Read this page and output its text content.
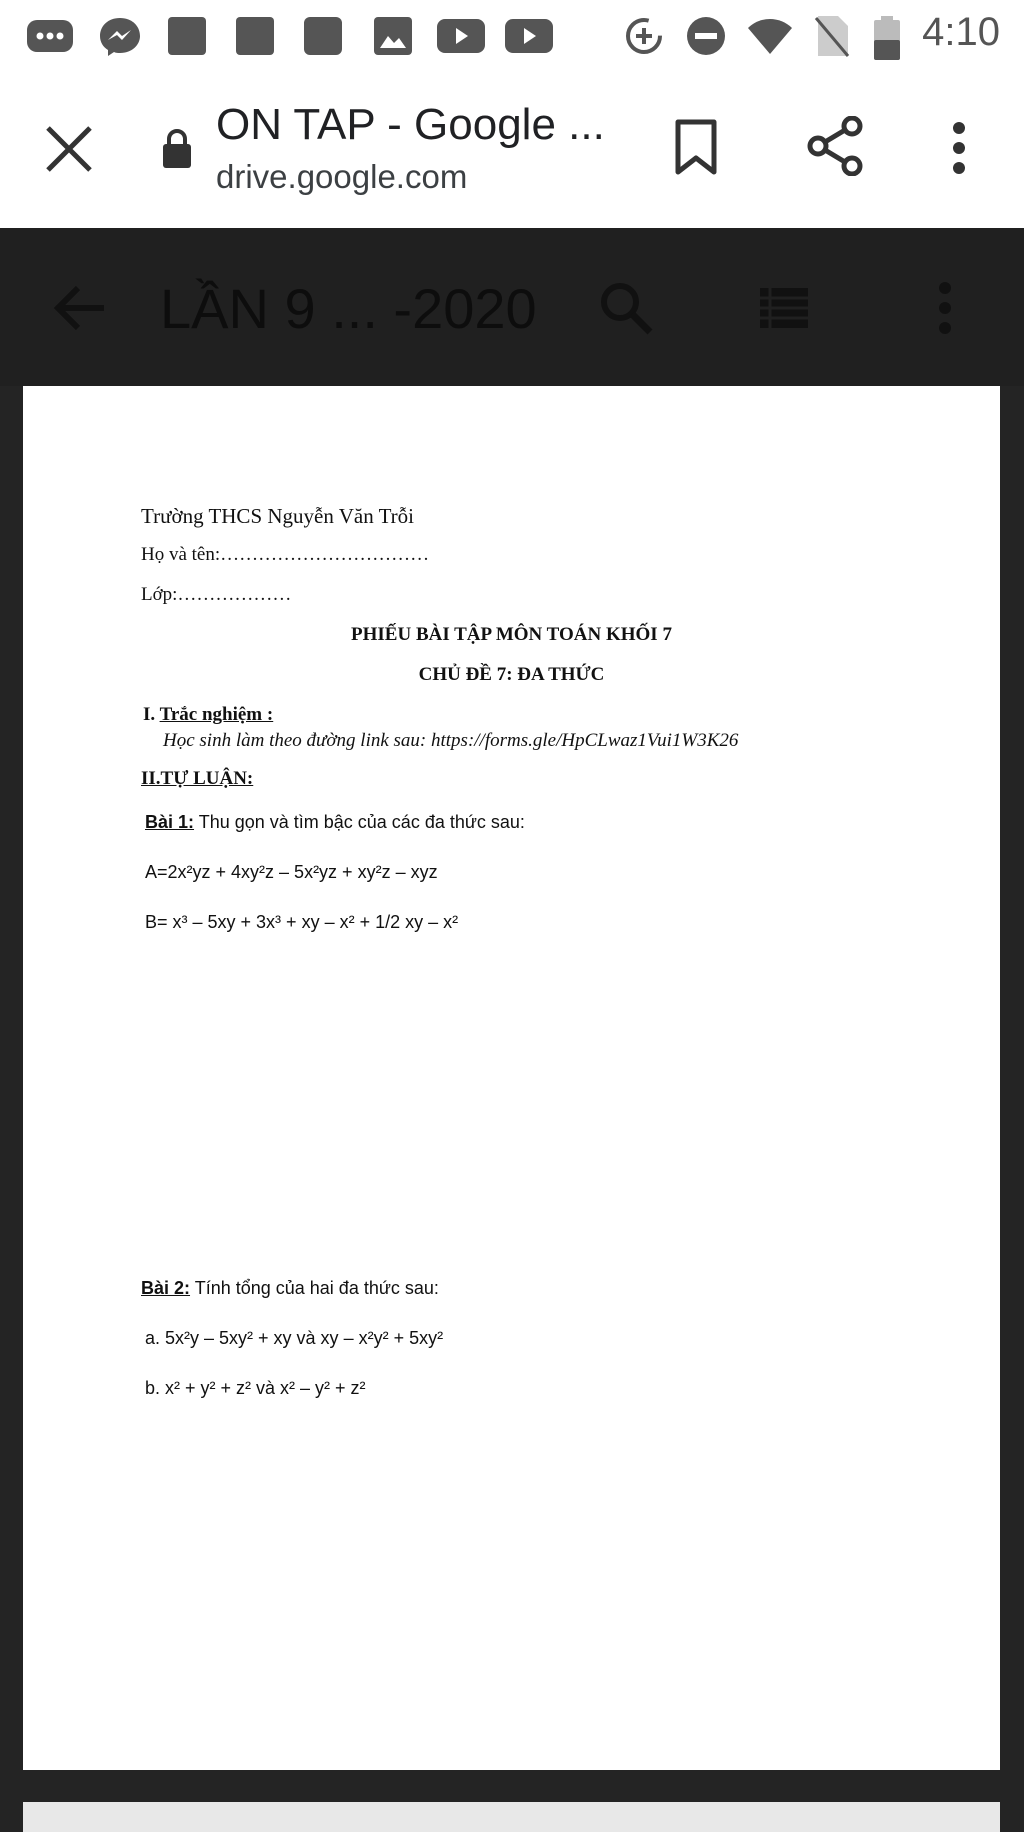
4:10
ON TAP - Google ...
drive.google.com
LẦN 9 ... -2020
Trường THCS Nguyễn Văn Trỗi
Họ và tên:……………………………
Lớp:………………
PHIẾU BÀI TẬP MÔN TOÁN KHỐI 7
CHỦ ĐỀ 7: ĐA THỨC
I. Trắc nghiệm :
Học sinh làm theo đường link sau: https://forms.gle/HpCLwaz1Vui1W3K26
II.TỰ LUẬN:
Bài 1: Thu gọn và tìm bậc của các đa thức sau:
A=2x²yz + 4xy²z – 5x²yz + xy²z – xyz
B= x³ – 5xy + 3x³ + xy – x² + 1/2 xy – x²
Bài 2: Tính tổng của hai đa thức sau:
a. 5x²y – 5xy² + xy và xy – x²y² + 5xy²
b. x² + y² + z² và x² – y² + z²
